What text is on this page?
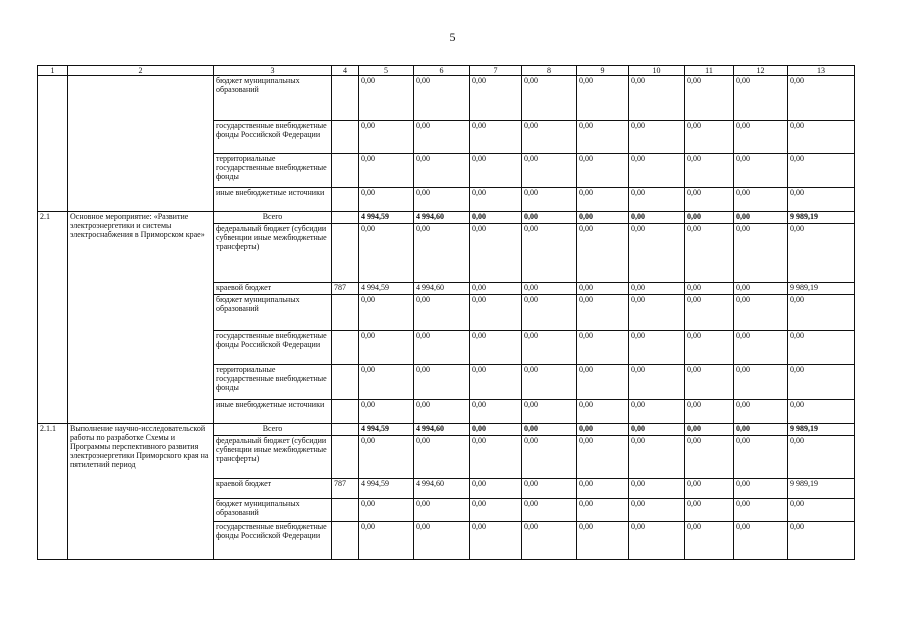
5
1	2	3	4	5	6	7	8	9	10	11	12	13
		бюджет муниципальных образований		0,00	0,00	0,00	0,00	0,00	0,00	0,00	0,00	0,00
		государственные внебюджетные фонды Российской Федерации		0,00	0,00	0,00	0,00	0,00	0,00	0,00	0,00	0,00
		территориальные государственные внебюджетные фонды		0,00	0,00	0,00	0,00	0,00	0,00	0,00	0,00	0,00
		иные внебюджетные источники		0,00	0,00	0,00	0,00	0,00	0,00	0,00	0,00	0,00
2.1	Основное мероприятие: «Развитие электроэнергетики и системы электроснабжения в Приморском крае»	Всего		4 994,59	4 994,60	0,00	0,00	0,00	0,00	0,00	0,00	9 989,19
		федеральный бюджет (субсидии субвенции иные межбюджетные трансферты)		0,00	0,00	0,00	0,00	0,00	0,00	0,00	0,00	0,00
		краевой бюджет	787	4 994,59	4 994,60	0,00	0,00	0,00	0,00	0,00	0,00	9 989,19
		бюджет муниципальных образований		0,00	0,00	0,00	0,00	0,00	0,00	0,00	0,00	0,00
		государственные внебюджетные фонды Российской Федерации		0,00	0,00	0,00	0,00	0,00	0,00	0,00	0,00	0,00
		территориальные государственные внебюджетные фонды		0,00	0,00	0,00	0,00	0,00	0,00	0,00	0,00	0,00
		иные внебюджетные источники		0,00	0,00	0,00	0,00	0,00	0,00	0,00	0,00	0,00
2.1.1	Выполнение научно-исследовательской работы по разработке Схемы и Программы перспективного развития электроэнергетики Приморского края на пятилетний период	Всего		4 994,59	4 994,60	0,00	0,00	0,00	0,00	0,00	0,00	9 989,19
		федеральный бюджет (субсидии субвенции иные межбюджетные трансферты)		0,00	0,00	0,00	0,00	0,00	0,00	0,00	0,00	0,00
		краевой бюджет	787	4 994,59	4 994,60	0,00	0,00	0,00	0,00	0,00	0,00	9 989,19
		бюджет муниципальных образований		0,00	0,00	0,00	0,00	0,00	0,00	0,00	0,00	0,00
		государственные внебюджетные фонды Российской Федерации		0,00	0,00	0,00	0,00	0,00	0,00	0,00	0,00	0,00
